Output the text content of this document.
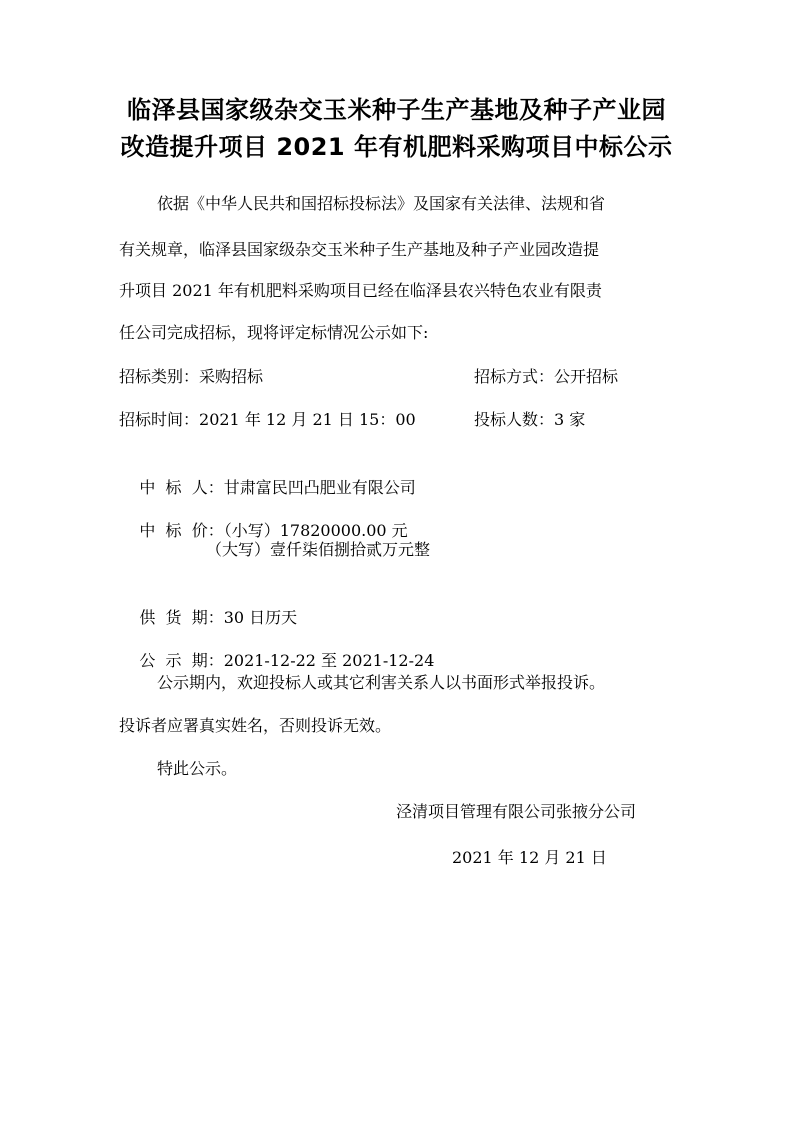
临泽县国家级杂交玉米种子生产基地及种子产业园
改造提升项目 2021 年有机肥料采购项目中标公示
依据《中华人民共和国招标投标法》及国家有关法律、法规和省
有关规章，临泽县国家级杂交玉米种子生产基地及种子产业园改造提
升项目 2021 年有机肥料采购项目已经在临泽县农兴特色农业有限责
任公司完成招标，现将评定标情况公示如下:
招标类别：采购招标	招标方式：公开招标
招标时间：2021 年 12 月 21 日 15：00	投标人数：3 家

中  标  人：甘肃富民凹凸肥业有限公司

中  标  价：（小写）17820000.00 元

（大写）壹仟柒佰捌拾贰万元整

供  货  期：30 日历天

公  示  期：2021-12-22 至 2021-12-24

公示期内，欢迎投标人或其它利害关系人以书面形式举报投诉。
投诉者应署真实姓名，否则投诉无效。
特此公示。
泾清项目管理有限公司张掖分公司
2021 年 12 月 21 日
